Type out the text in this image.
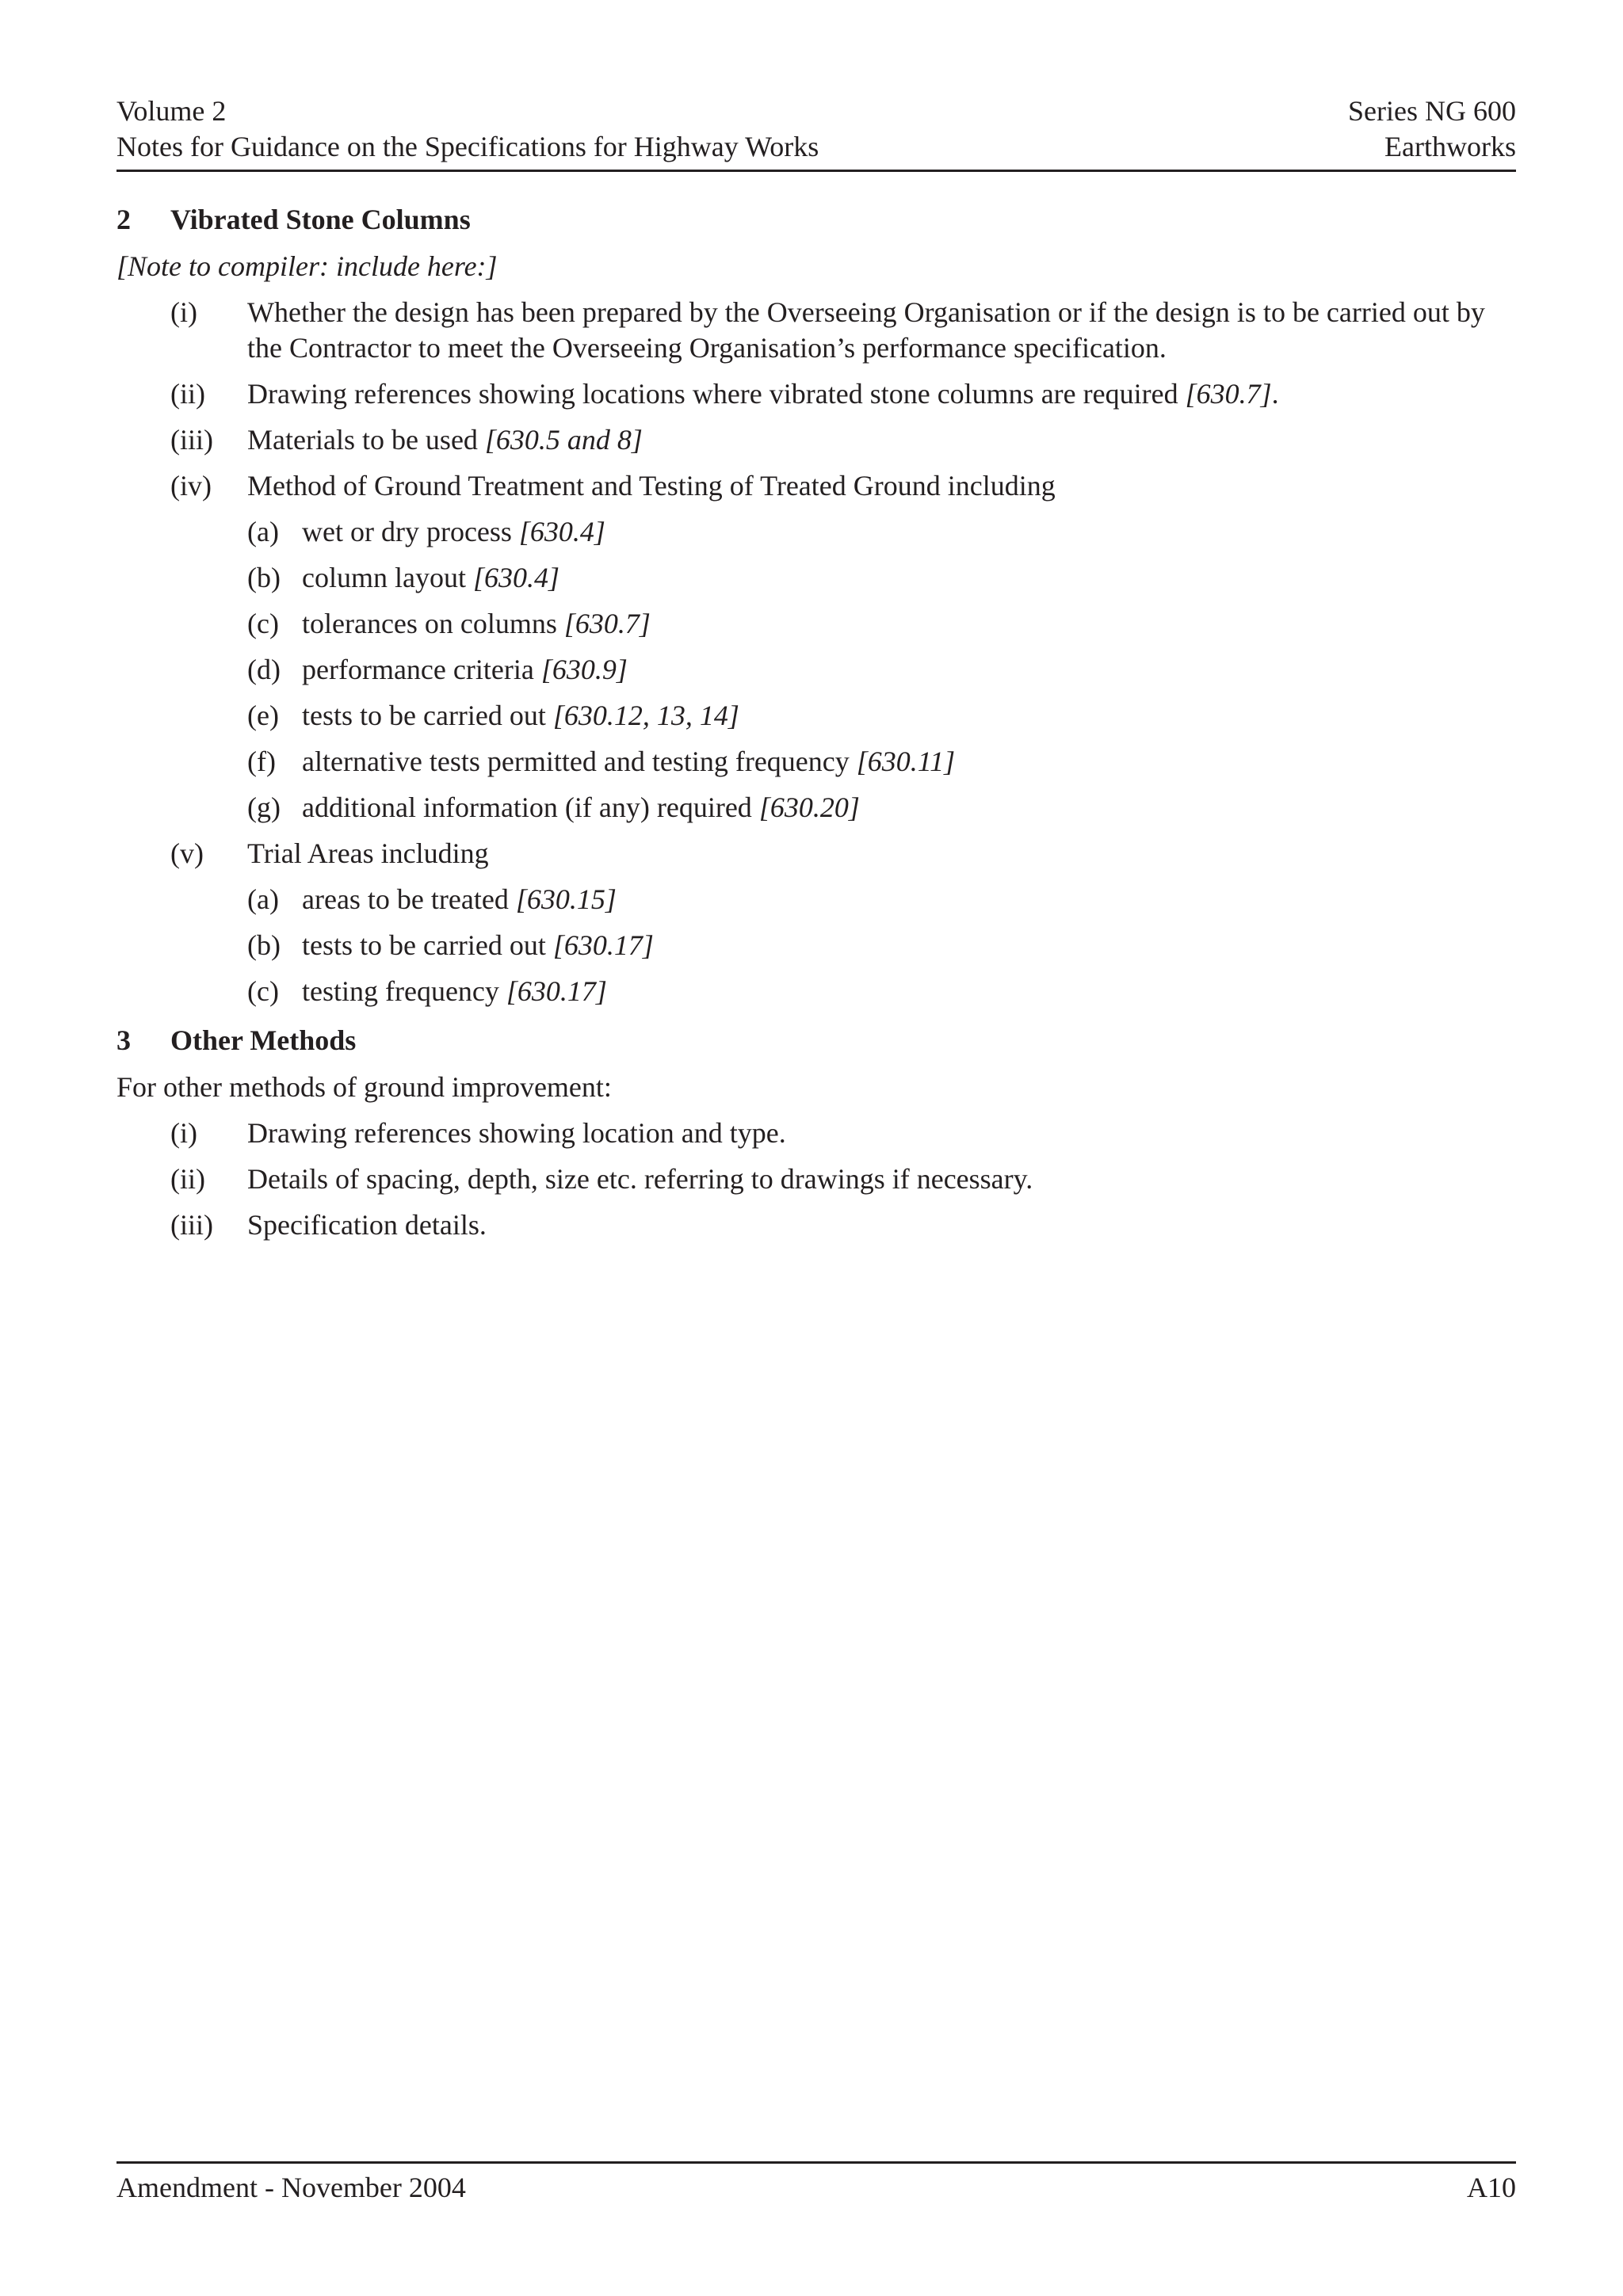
Volume 2
Notes for Guidance on the Specifications for Highway Works
Series NG 600
Earthworks
2 Vibrated Stone Columns
[Note to compiler: include here:]
(i) Whether the design has been prepared by the Overseeing Organisation or if the design is to be carried out by the Contractor to meet the Overseeing Organisation’s performance specification.
(ii) Drawing references showing locations where vibrated stone columns are required [630.7].
(iii) Materials to be used [630.5 and 8]
(iv) Method of Ground Treatment and Testing of Treated Ground including
(a) wet or dry process [630.4]
(b) column layout [630.4]
(c) tolerances on columns [630.7]
(d) performance criteria [630.9]
(e) tests to be carried out [630.12, 13, 14]
(f) alternative tests permitted and testing frequency [630.11]
(g) additional information (if any) required [630.20]
(v) Trial Areas including
(a) areas to be treated [630.15]
(b) tests to be carried out [630.17]
(c) testing frequency [630.17]
3 Other Methods
For other methods of ground improvement:
(i) Drawing references showing location and type.
(ii) Details of spacing, depth, size etc. referring to drawings if necessary.
(iii) Specification details.
Amendment - November 2004	A10
